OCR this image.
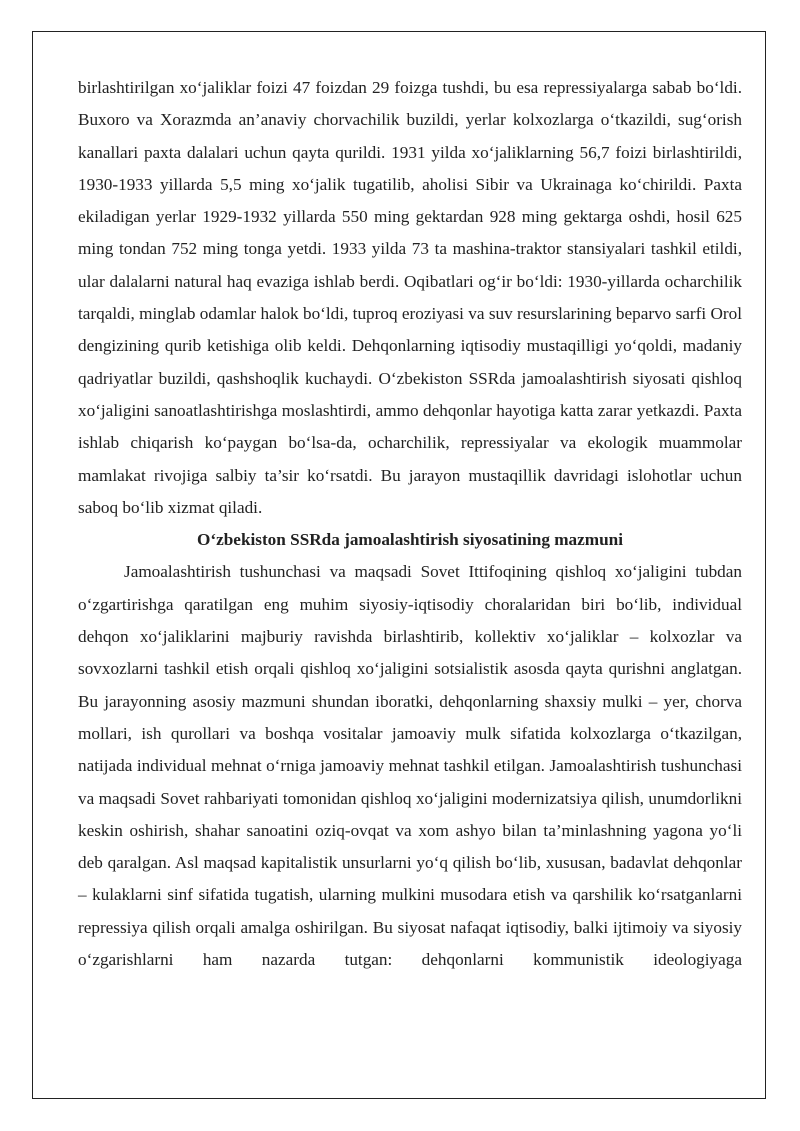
birlashtirilgan xo‘jaliklar foizi 47 foizdan 29 foizga tushdi, bu esa repressiyalarga sabab bo‘ldi. Buxoro va Xorazmda an’anaviy chorvachilik buzildi, yerlar kolxozlarga o‘tkazildi, sug‘orish kanallari paxta dalalari uchun qayta qurildi. 1931 yilda xo‘jaliklarning 56,7 foizi birlashtirildi, 1930-1933 yillarda 5,5 ming xo‘jalik tugatilib, aholisi Sibir va Ukrainaga ko‘chirildi. Paxta ekiladigan yerlar 1929-1932 yillarda 550 ming gektardan 928 ming gektarga oshdi, hosil 625 ming tondan 752 ming tonga yetdi. 1933 yilda 73 ta mashina-traktor stansiyalari tashkil etildi, ular dalalarni natural haq evaziga ishlab berdi. Oqibatlari og‘ir bo‘ldi: 1930-yillarda ocharchilik tarqaldi, minglab odamlar halok bo‘ldi, tuproq eroziyasi va suv resurslarining beparvo sarfi Orol dengizining qurib ketishiga olib keldi. Dehqonlarning iqtisodiy mustaqilligi yo‘qoldi, madaniy qadriyatlar buzildi, qashshoqlik kuchaydi. O‘zbekiston SSRda jamoalashtirish siyosati qishloq xo‘jaligini sanoatlashtirishga moslashtirdi, ammo dehqonlar hayotiga katta zarar yetkazdi. Paxta ishlab chiqarish ko‘paygan bo‘lsa-da, ocharchilik, repressiyalar va ekologik muammolar mamlakat rivojiga salbiy ta’sir ko‘rsatdi. Bu jarayon mustaqillik davridagi islohotlar uchun saboq bo‘lib xizmat qiladi.

O‘zbekiston SSRda jamoalashtirish siyosatining mazmuni

Jamoalashtirish tushunchasi va maqsadi Sovet Ittifoqining qishloq xo‘jaligini tubdan o‘zgartirishga qaratilgan eng muhim siyosiy-iqtisodiy choralaridan biri bo‘lib, individual dehqon xo‘jaliklarini majburiy ravishda birlashtirib, kollektiv xo‘jaliklar – kolxozlar va sovxozlarni tashkil etish orqali qishloq xo‘jaligini sotsialistik asosda qayta qurishni anglatgan. Bu jarayonning asosiy mazmuni shundan iboratki, dehqonlarning shaxsiy mulki – yer, chorva mollari, ish qurollari va boshqa vositalar jamoaviy mulk sifatida kolxozlarga o‘tkazilgan, natijada individual mehnat o‘rniga jamoaviy mehnat tashkil etilgan. Jamoalashtirish tushunchasi va maqsadi Sovet rahbariyati tomonidan qishloq xo‘jaligini modernizatsiya qilish, unumdorlikni keskin oshirish, shahar sanoatini oziq-ovqat va xom ashyo bilan ta’minlashning yagona yo‘li deb qaralgan. Asl maqsad kapitalistik unsurlarni yo‘q qilish bo‘lib, xususan, badavlat dehqonlar – kulaklarni sinf sifatida tugatish, ularning mulkini musodara etish va qarshilik ko‘rsatganlarni repressiya qilish orqali amalga oshirilgan. Bu siyosat nafaqat iqtisodiy, balki ijtimoiy va siyosiy o‘zgarishlarni ham nazarda tutgan: dehqonlarni kommunistik ideologiyaga
